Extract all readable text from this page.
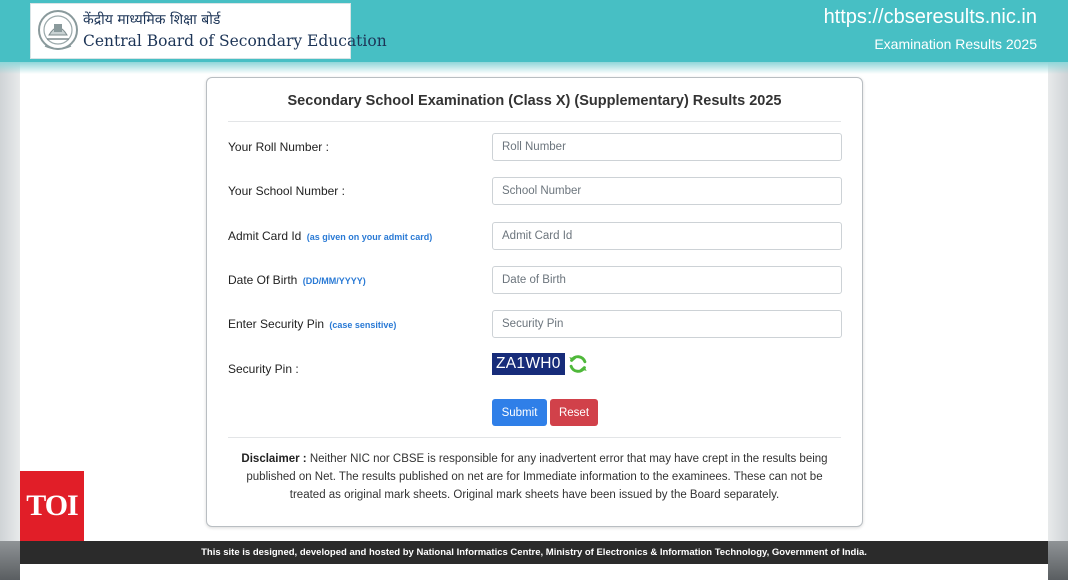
केंद्रीय माध्यमिक शिक्षा बोर्ड
Central Board of Secondary Education
https://cbseresults.nic.in
Examination Results 2025
Secondary School Examination (Class X) (Supplementary) Results 2025
Your Roll Number :
Roll Number
Your School Number :
School Number
Admit Card Id (as given on your admit card)
Admit Card Id
Date Of Birth (DD/MM/YYYY)
Date of Birth
Enter Security Pin (case sensitive)
Security Pin
Security Pin :	ZA1WH0
Submit	Reset
Disclaimer : Neither NIC nor CBSE is responsible for any inadvertent error that may have crept in the results being published on Net. The results published on net are for Immediate information to the examinees. These can not be treated as original mark sheets. Original mark sheets have been issued by the Board separately.
TOI
This site is designed, developed and hosted by National Informatics Centre, Ministry of Electronics & Information Technology, Government of India.
